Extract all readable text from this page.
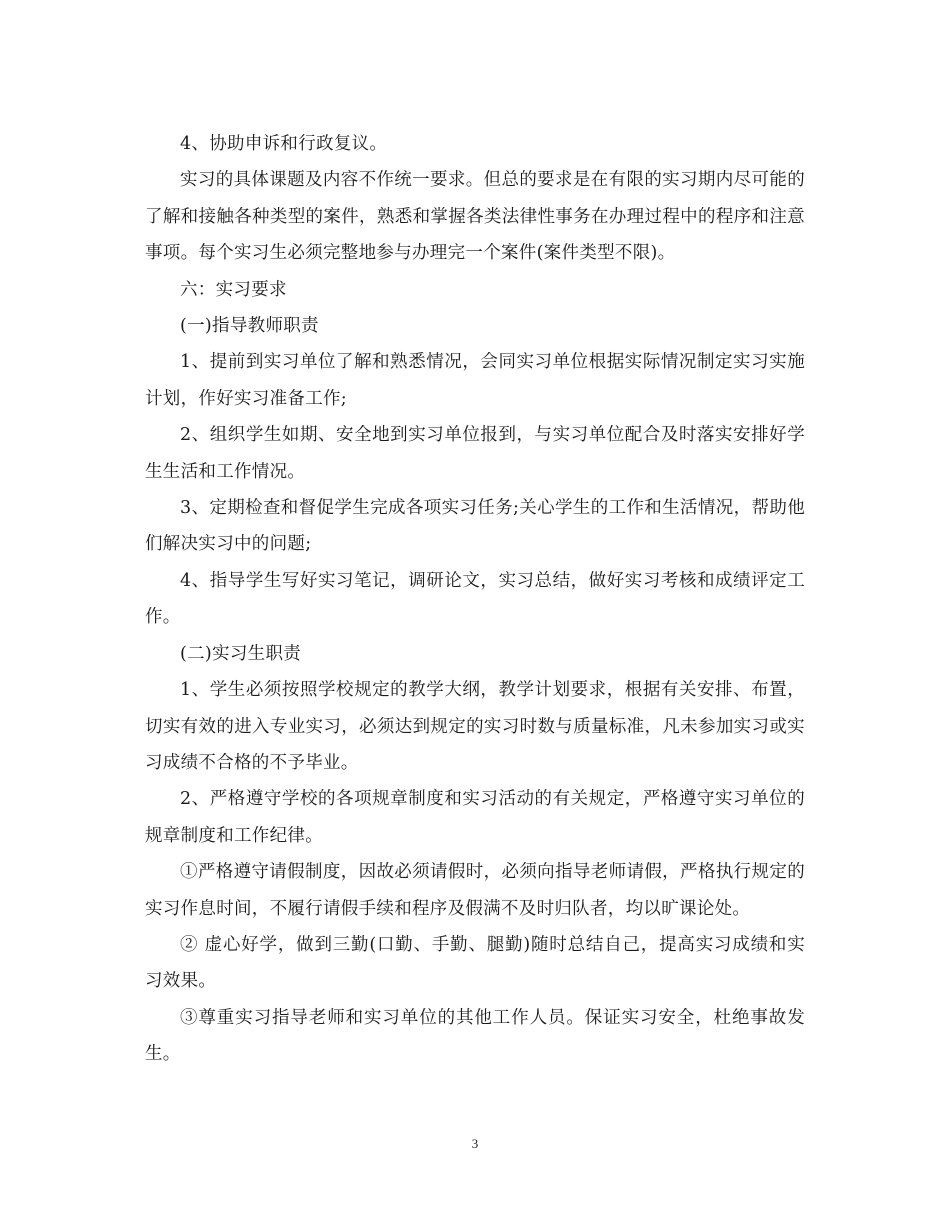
4、协助申诉和行政复议。

实习的具体课题及内容不作统一要求。但总的要求是在有限的实习期内尽可能的了解和接触各种类型的案件，熟悉和掌握各类法律性事务在办理过程中的程序和注意事项。每个实习生必须完整地参与办理完一个案件(案件类型不限)。

六：实习要求

(一)指导教师职责

1、提前到实习单位了解和熟悉情况，会同实习单位根据实际情况制定实习实施计划，作好实习准备工作;

2、组织学生如期、安全地到实习单位报到，与实习单位配合及时落实安排好学生生活和工作情况。

3、定期检查和督促学生完成各项实习任务;关心学生的工作和生活情况，帮助他们解决实习中的问题;

4、指导学生写好实习笔记，调研论文，实习总结，做好实习考核和成绩评定工作。

(二)实习生职责

1、学生必须按照学校规定的教学大纲，教学计划要求，根据有关安排、布置，切实有效的进入专业实习，必须达到规定的实习时数与质量标准，凡未参加实习或实习成绩不合格的不予毕业。

2、严格遵守学校的各项规章制度和实习活动的有关规定，严格遵守实习单位的规章制度和工作纪律。

①严格遵守请假制度，因故必须请假时，必须向指导老师请假，严格执行规定的实习作息时间，不履行请假手续和程序及假满不及时归队者，均以旷课论处。

② 虚心好学，做到三勤(口勤、手勤、腿勤)随时总结自己，提高实习成绩和实习效果。

③尊重实习指导老师和实习单位的其他工作人员。保证实习安全，杜绝事故发生。

3
